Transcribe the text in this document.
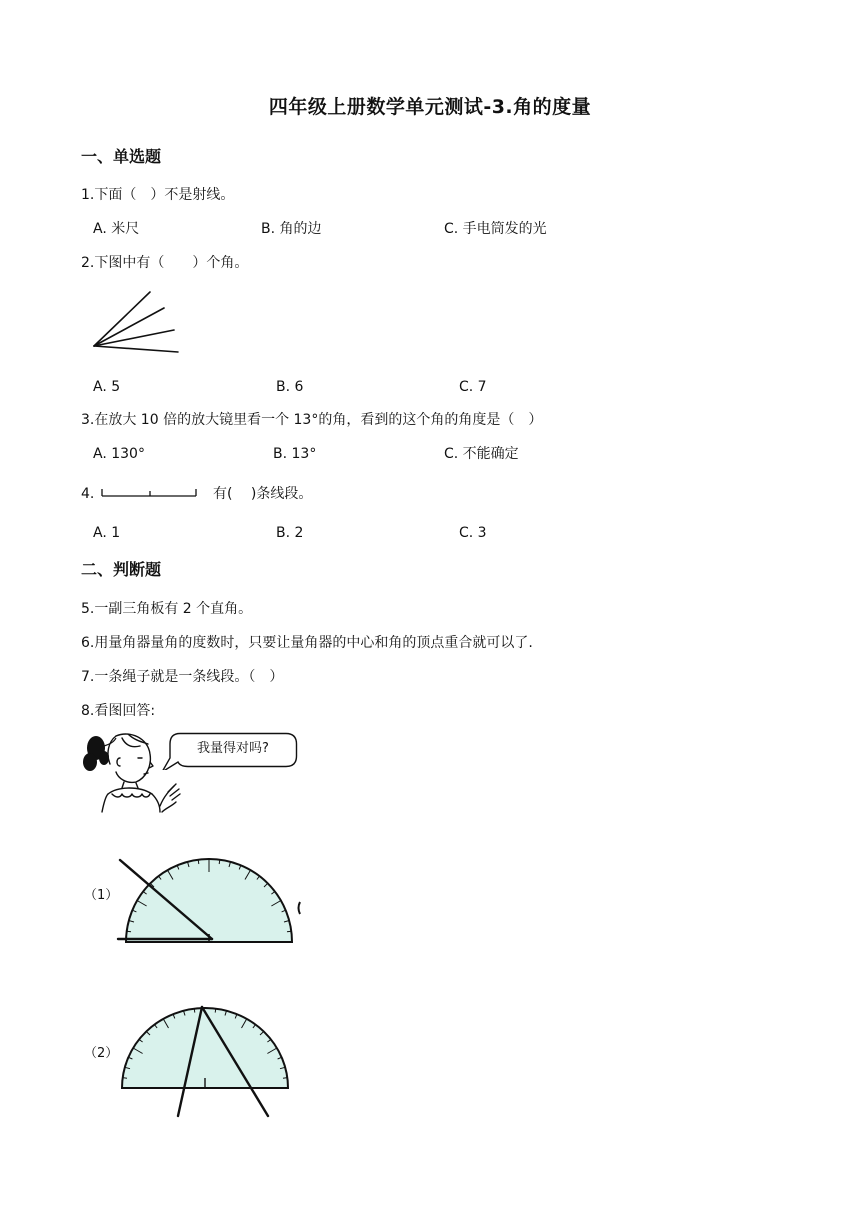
四年级上册数学单元测试-3.角的度量
一、单选题
1.下面（　）不是射线。
A. 米尺	B. 角的边	C. 手电筒发的光
2.下图中有（　　）个角。
A. 5	B. 6	C. 7
3.在放大 10 倍的放大镜里看一个 13°的角，看到的这个角的角度是（　）
A. 130°	B. 13°	C. 不能确定
4.	有(　 )条线段。
A. 1	B. 2	C. 3
二、判断题
5.一副三角板有 2 个直角。
6.用量角器量角的度数时，只要让量角器的中心和角的顶点重合就可以了.
7.一条绳子就是一条线段。（　）
8.看图回答:
我量得对吗?
（1）
（2）
